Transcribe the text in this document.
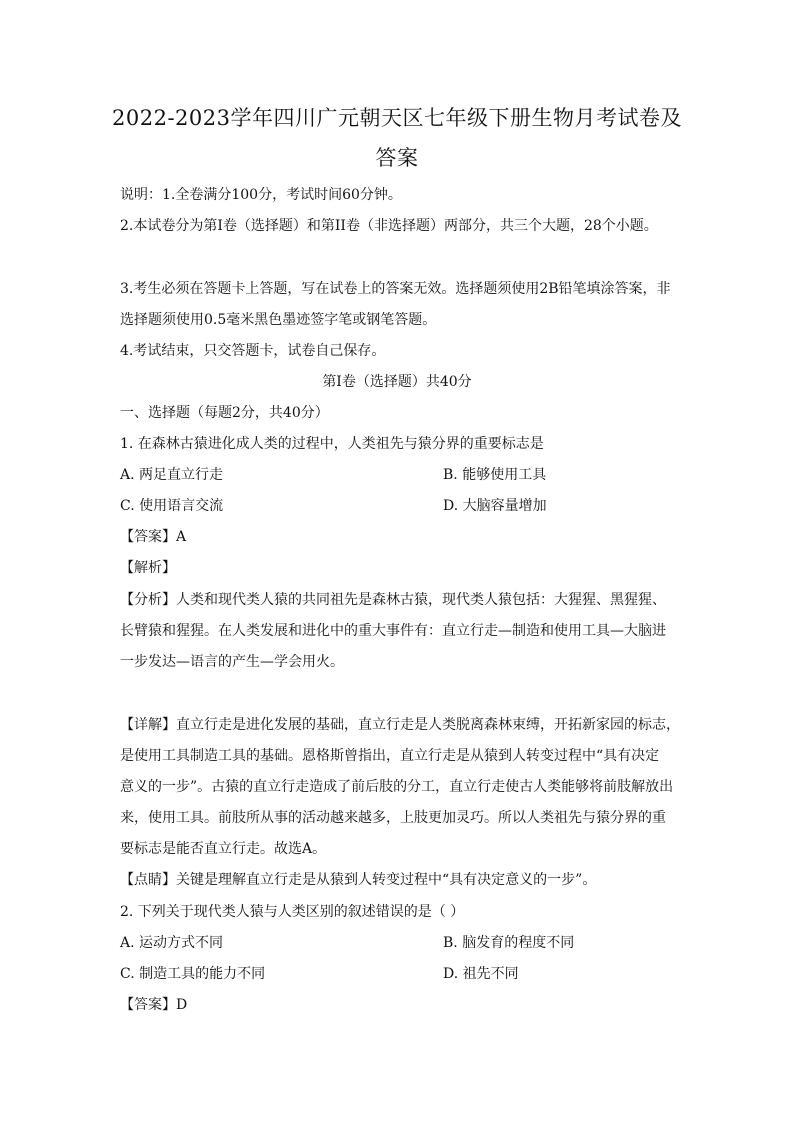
2022-2023学年四川广元朝天区七年级下册生物月考试卷及
答案
说明：1.全卷满分100分，考试时间60分钟。
2.本试卷分为第I卷（选择题）和第II卷（非选择题）两部分，共三个大题，28个小题。
3.考生必须在答题卡上答题，写在试卷上的答案无效。选择题须使用2B铅笔填涂答案，非
选择题须使用0.5毫米黑色墨迹签字笔或钢笔答题。
4.考试结束，只交答题卡，试卷自己保存。
第I卷（选择题）共40分
一、选择题（每题2分，共40分）
1. 在森林古猿进化成人类的过程中，人类祖先与猿分界的重要标志是
A. 两足直立行走	B. 能够使用工具
C. 使用语言交流	D. 大脑容量增加
【答案】A
【解析】
【分析】人类和现代类人猿的共同祖先是森林古猿，现代类人猿包括：大猩猩、黑猩猩、
长臂猿和猩猩。在人类发展和进化中的重大事件有：直立行走—制造和使用工具—大脑进
一步发达—语言的产生—学会用火。
【详解】直立行走是进化发展的基础，直立行走是人类脱离森林束缚，开拓新家园的标志，
是使用工具制造工具的基础。恩格斯曾指出，直立行走是从猿到人转变过程中“具有决定
意义的一步”。古猿的直立行走造成了前后肢的分工，直立行走使古人类能够将前肢解放出
来，使用工具。前肢所从事的活动越来越多，上肢更加灵巧。所以人类祖先与猿分界的重
要标志是能否直立行走。故选A。
【点睛】关键是理解直立行走是从猿到人转变过程中“具有决定意义的一步”。
2. 下列关于现代类人猿与人类区别的叙述错误的是（ ）
A. 运动方式不同	B. 脑发育的程度不同
C. 制造工具的能力不同	D. 祖先不同
【答案】D
